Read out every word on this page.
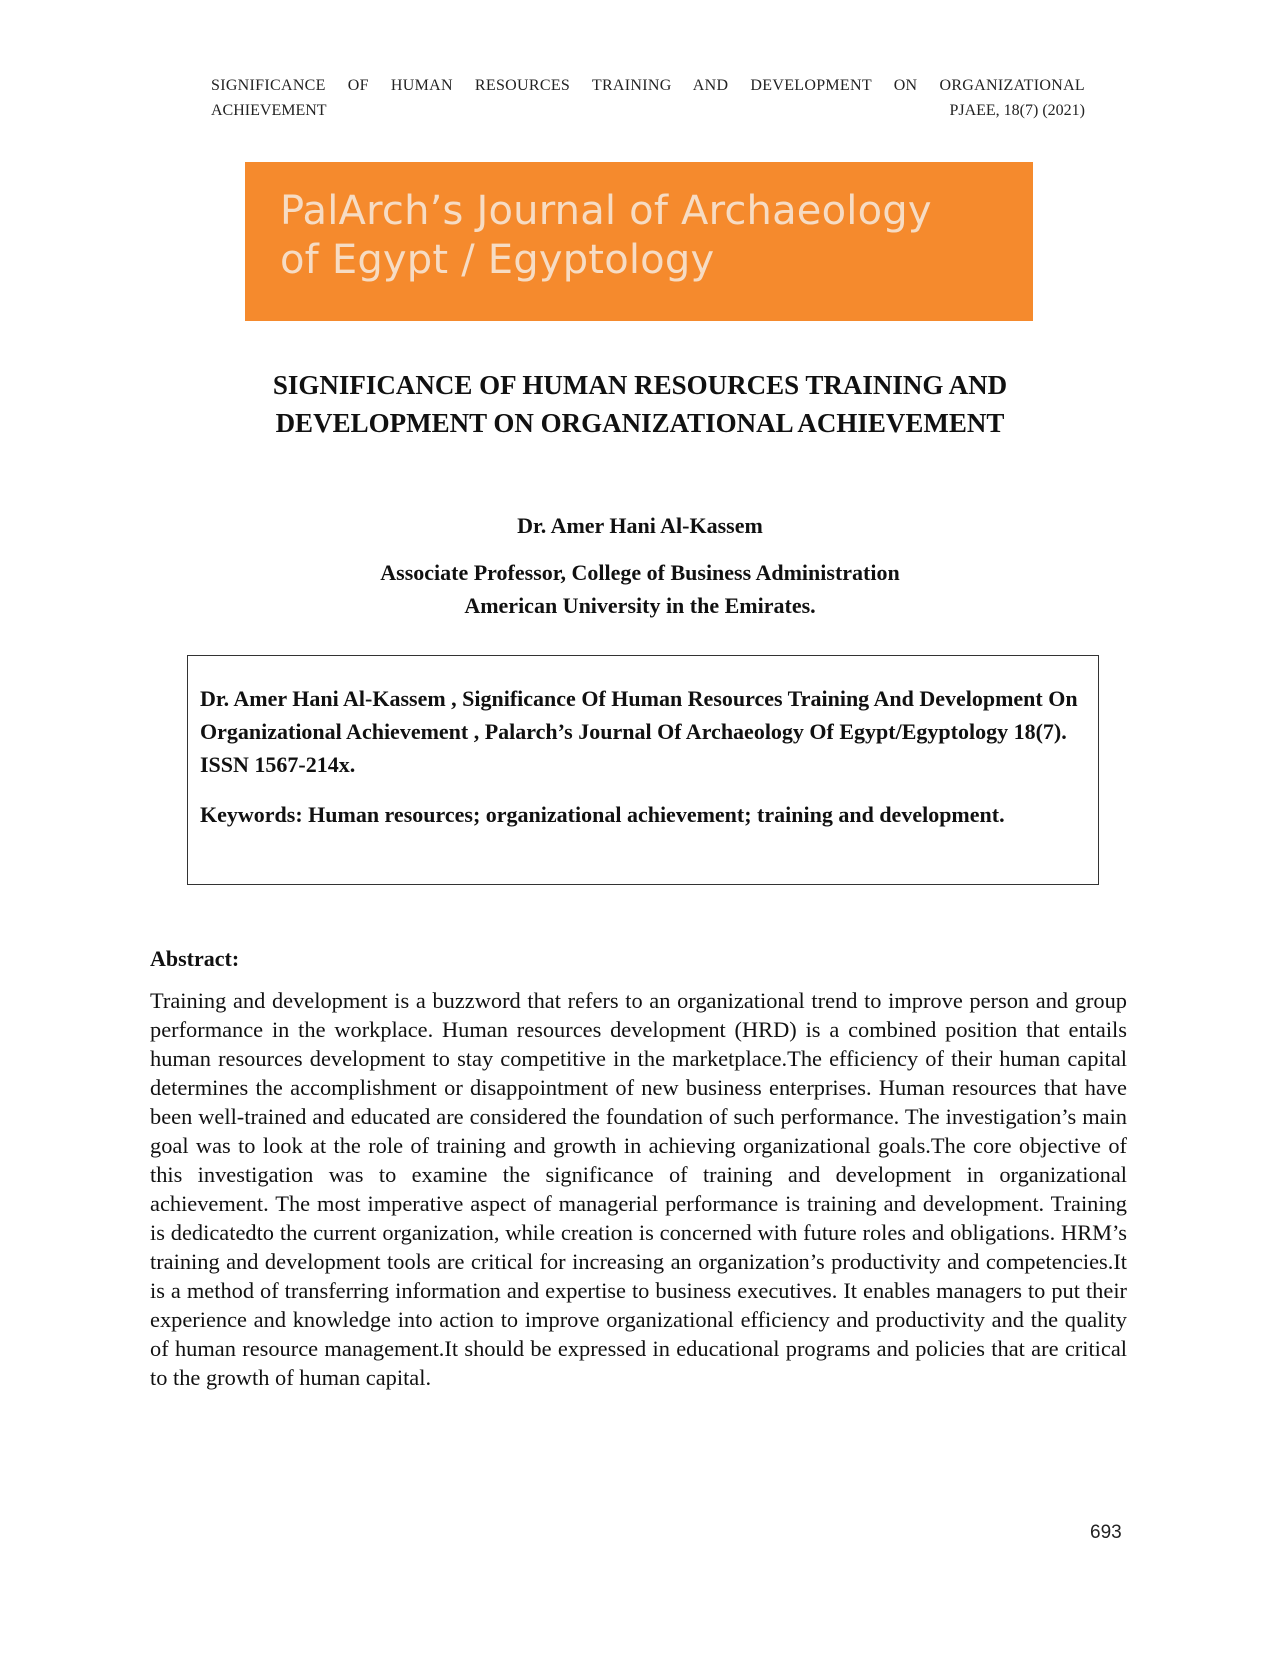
SIGNIFICANCE OF HUMAN RESOURCES TRAINING AND DEVELOPMENT ON ORGANIZATIONAL
ACHIEVEMENT	PJAEE, 18(7) (2021)
PalArch’s Journal of Archaeology
of Egypt / Egyptology
SIGNIFICANCE OF HUMAN RESOURCES TRAINING AND
DEVELOPMENT ON ORGANIZATIONAL ACHIEVEMENT
Dr. Amer Hani Al-Kassem
Associate Professor, College of Business Administration
American University in the Emirates.
Dr. Amer Hani Al-Kassem , Significance Of Human Resources Training And Development On Organizational Achievement , Palarch’s Journal Of Archaeology Of Egypt/Egyptology 18(7). ISSN 1567-214x.
Keywords: Human resources; organizational achievement; training and development.
Abstract:
Training and development is a buzzword that refers to an organizational trend to improve person and group performance in the workplace. Human resources development (HRD) is a combined position that entails human resources development to stay competitive in the marketplace.The efficiency of their human capital determines the accomplishment or disappointment of new business enterprises. Human resources that have been well-trained and educated are considered the foundation of such performance. The investigation’s main goal was to look at the role of training and growth in achieving organizational goals.The core objective of this investigation was to examine the significance of training and development in organizational achievement. The most imperative aspect of managerial performance is training and development. Training is dedicatedto the current organization, while creation is concerned with future roles and obligations. HRM’s training and development tools are critical for increasing an organization’s productivity and competencies.It is a method of transferring information and expertise to business executives. It enables managers to put their experience and knowledge into action to improve organizational efficiency and productivity and the quality of human resource management.It should be expressed in educational programs and policies that are critical to the growth of human capital.
693
